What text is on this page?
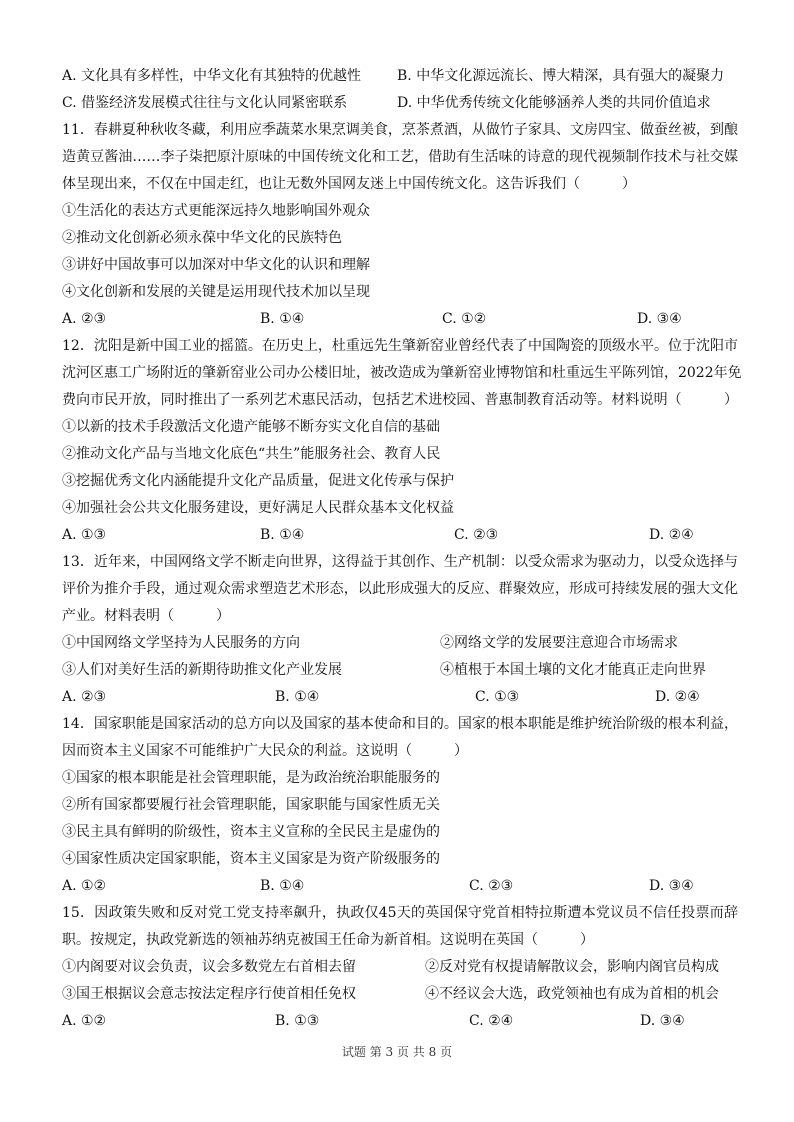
A. 文化具有多样性，中华文化有其独特的优越性	B. 中华文化源远流长、博大精深，具有强大的凝聚力
C. 借鉴经济发展模式往往与文化认同紧密联系	D. 中华优秀传统文化能够涵养人类的共同价值追求
11．春耕夏种秋收冬藏，利用应季蔬菜水果烹调美食，烹茶煮酒，从做竹子家具、文房四宝、做蚕丝被，到酿
造黄豆酱油……李子柒把原汁原味的中国传统文化和工艺，借助有生活味的诗意的现代视频制作技术与社交媒
体呈现出来，不仅在中国走红，也让无数外国网友迷上中国传统文化。这告诉我们（　　　）
①生活化的表达方式更能深远持久地影响国外观众
②推动文化创新必须永葆中华文化的民族特色
③讲好中国故事可以加深对中华文化的认识和理解
④文化创新和发展的关键是运用现代技术加以呈现
A. ②③	B. ①④	C. ①②	D. ③④
12．沈阳是新中国工业的摇篮。在历史上，杜重远先生肇新窑业曾经代表了中国陶瓷的顶级水平。位于沈阳市
沈河区惠工广场附近的肇新窑业公司办公楼旧址，被改造成为肇新窑业博物馆和杜重远生平陈列馆，2022年免
费向市民开放，同时推出了一系列艺术惠民活动，包括艺术进校园、普惠制教育活动等。材料说明（　　　）
①以新的技术手段激活文化遗产能够不断夯实文化自信的基础
②推动文化产品与当地文化底色“共生”能服务社会、教育人民
③挖掘优秀文化内涵能提升文化产品质量，促进文化传承与保护
④加强社会公共文化服务建设，更好满足人民群众基本文化权益
A. ①③	B. ①④	C. ②③	D. ②④
13．近年来，中国网络文学不断走向世界，这得益于其创作、生产机制：以受众需求为驱动力，以受众选择与
评价为推介手段，通过观众需求塑造艺术形态，以此形成强大的反应、群聚效应，形成可持续发展的强大文化
产业。材料表明（　　　）
①中国网络文学坚持为人民服务的方向	②网络文学的发展要注意迎合市场需求
③人们对美好生活的新期待助推文化产业发展	④植根于本国土壤的文化才能真正走向世界
A. ②③	B. ①④	C. ①③	D. ②④
14．国家职能是国家活动的总方向以及国家的基本使命和目的。国家的根本职能是维护统治阶级的根本利益，
因而资本主义国家不可能维护广大民众的利益。这说明（　　　）
①国家的根本职能是社会管理职能，是为政治统治职能服务的
②所有国家都要履行社会管理职能，国家职能与国家性质无关
③民主具有鲜明的阶级性，资本主义宣称的全民民主是虚伪的
④国家性质决定国家职能，资本主义国家是为资产阶级服务的
A. ①②	B. ①④	C. ②③	D. ③④
15．因政策失败和反对党工党支持率飙升，执政仅45天的英国保守党首相特拉斯遭本党议员不信任投票而辞
职。按规定，执政党新选的领袖苏纳克被国王任命为新首相。这说明在英国（　　　）
①内阁要对议会负责，议会多数党左右首相去留	②反对党有权提请解散议会，影响内阁官员构成
③国王根据议会意志按法定程序行使首相任免权	④不经议会大选，政党领袖也有成为首相的机会
A. ①②	B. ①③	C. ②④	D. ③④
试题 第 3 页 共 8 页
